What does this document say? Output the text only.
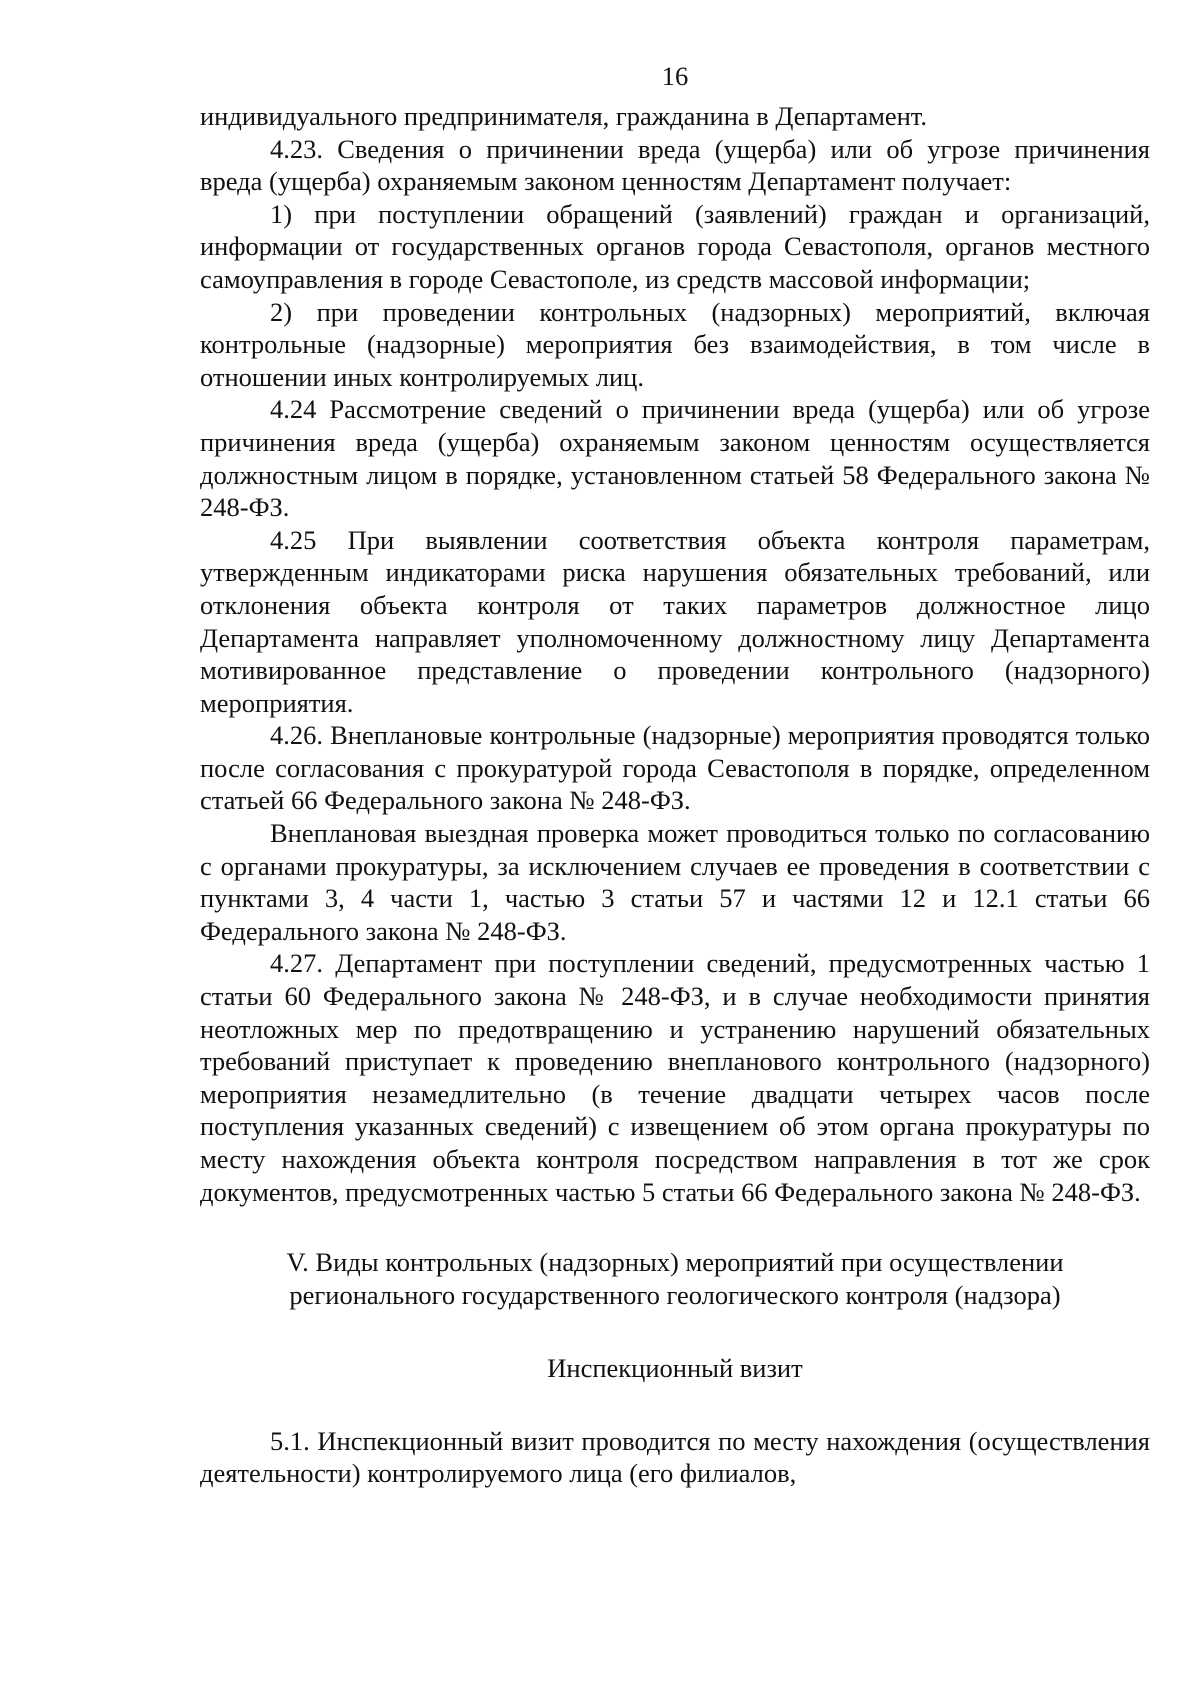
16

индивидуального предпринимателя, гражданина в Департамент.

4.23. Сведения о причинении вреда (ущерба) или об угрозе причинения вреда (ущерба) охраняемым законом ценностям Департамент получает:

1) при поступлении обращений (заявлений) граждан и организаций, информации от государственных органов города Севастополя, органов местного самоуправления в городе Севастополе, из средств массовой информации;

2) при проведении контрольных (надзорных) мероприятий, включая контрольные (надзорные) мероприятия без взаимодействия, в том числе в отношении иных контролируемых лиц.

4.24 Рассмотрение сведений о причинении вреда (ущерба) или об угрозе причинения вреда (ущерба) охраняемым законом ценностям осуществляется должностным лицом в порядке, установленном статьей 58 Федерального закона № 248-ФЗ.

4.25 При выявлении соответствия объекта контроля параметрам, утвержденным индикаторами риска нарушения обязательных требований, или отклонения объекта контроля от таких параметров должностное лицо Департамента направляет уполномоченному должностному лицу Департамента мотивированное представление о проведении контрольного (надзорного) мероприятия.

4.26. Внеплановые контрольные (надзорные) мероприятия проводятся только после согласования с прокуратурой города Севастополя в порядке, определенном статьей 66 Федерального закона № 248-ФЗ.

Внеплановая выездная проверка может проводиться только по согласованию с органами прокуратуры, за исключением случаев ее проведения в соответствии с пунктами 3, 4 части 1, частью 3 статьи 57 и частями 12 и 12.1 статьи 66 Федерального закона № 248-ФЗ.

4.27. Департамент при поступлении сведений, предусмотренных частью 1 статьи 60 Федерального закона № 248-ФЗ, и в случае необходимости принятия неотложных мер по предотвращению и устранению нарушений обязательных требований приступает к проведению внепланового контрольного (надзорного) мероприятия незамедлительно (в течение двадцати четырех часов после поступления указанных сведений) с извещением об этом органа прокуратуры по месту нахождения объекта контроля посредством направления в тот же срок документов, предусмотренных частью 5 статьи 66 Федерального закона № 248-ФЗ.

V. Виды контрольных (надзорных) мероприятий при осуществлении
регионального государственного геологического контроля (надзора)
Инспекционный визит

5.1. Инспекционный визит проводится по месту нахождения (осуществления деятельности) контролируемого лица (его филиалов,
